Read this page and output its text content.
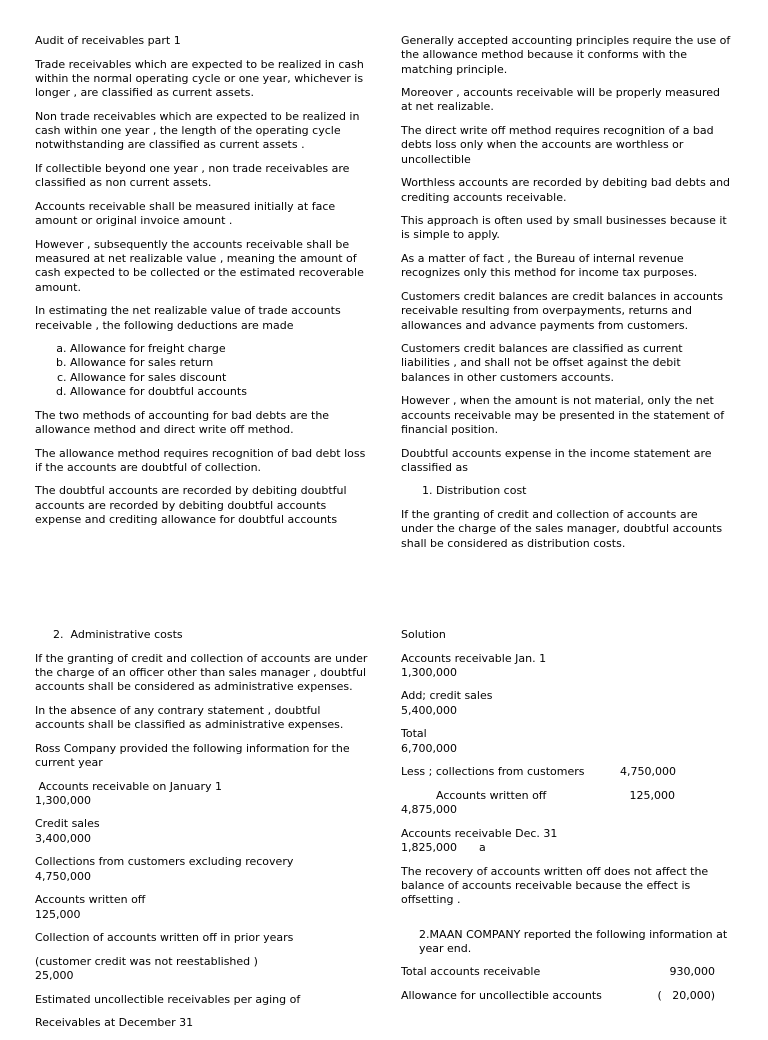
Audit of receivables part 1

Trade receivables which are expected to be realized in cash within the normal operating cycle or one year, whichever is longer , are classified as current assets.

Non trade receivables which are expected to be realized in cash within one year , the length of the operating cycle notwithstanding are classified as current assets .

If collectible beyond one year , non trade receivables are classified as non current assets.

Accounts receivable shall be measured initially at face amount or original invoice amount .

However , subsequently the accounts receivable shall be measured at net realizable value , meaning the amount of cash expected to be collected or the estimated recoverable amount.

In estimating the net realizable value of trade accounts receivable , the following deductions are made

a. Allowance for freight charge
b. Allowance for sales return
c. Allowance for sales discount
d. Allowance for doubtful accounts

The two methods of accounting for bad debts are the allowance method and direct write off method.

The allowance method requires recognition of bad debt loss if the accounts are doubtful of collection.

The doubtful accounts are recorded by debiting doubtful accounts are recorded by debiting doubtful accounts expense and crediting allowance for doubtful accounts

Generally accepted accounting principles require the use of the allowance method because it conforms with the matching principle.

Moreover , accounts receivable will be properly measured at net realizable.

The direct write off method requires recognition of a bad debts loss only when the accounts are worthless or uncollectible

Worthless accounts are recorded by debiting bad debts and crediting accounts receivable.

This approach is often used by small businesses because it is simple to apply.

As a matter of fact , the Bureau of internal revenue recognizes only this method for income tax purposes.

Customers credit balances are credit balances in accounts receivable resulting from overpayments, returns and allowances and advance payments from customers.

Customers credit balances are classified as current liabilities , and shall not be offset against the debit balances in other customers accounts.

However , when the amount is not material, only the net accounts receivable may be presented in the statement of financial position.

Doubtful accounts expense in the income statement are classified as

1. Distribution cost

If the granting of credit and collection of accounts are under the charge of the sales manager, doubtful accounts shall be considered as distribution costs.

2. Administrative costs

If the granting of credit and collection of accounts are under the charge of an officer other than sales manager , doubtful accounts shall be considered as administrative expenses.

In the absence of any contrary statement , doubtful accounts shall be classified as administrative expenses.

Ross Company provided the following information for the current year

Accounts receivable on January 1
1,300,000

Credit sales
3,400,000

Collections from customers excluding recovery
4,750,000

Accounts written off
125,000

Collection of accounts written off in prior years

(customer credit was not reestablished )
25,000

Estimated uncollectible receivables per aging of

Receivables at December 31

Solution

Accounts receivable Jan. 1
1,300,000

Add; credit sales
5,400,000

Total
6,700,000

Less ; collections from customers	4,750,000
Accounts written off	125,000
4,875,000

Accounts receivable Dec. 31
1,825,000 a

The recovery of accounts written off does not affect the balance of accounts receivable because the effect is offsetting .

2.MAAN COMPANY reported the following information at year end.

Total accounts receivable	930,000
Allowance for uncollectible accounts	(   20,000)
